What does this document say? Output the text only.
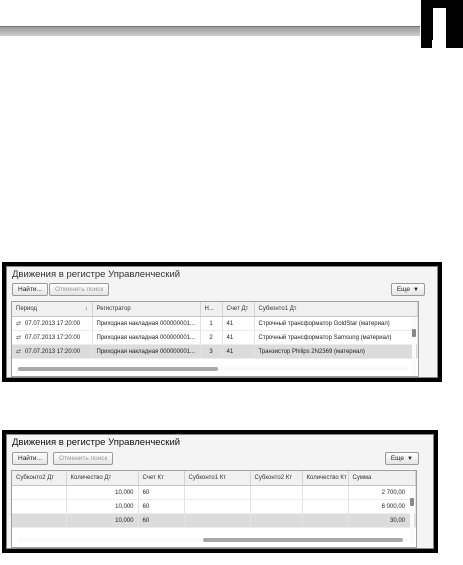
Движения в регистре Управленческий
Найти...	Отменить поиск	Еще ▼
Период ↓	Регистратор	Н...	Счет Дт	Субконто1 Дт
⇄ 07.07.2013 17:20:00	Приходная накладная 000000001...	1	41	Строчный трансформатор GoldStar (материал)
⇄ 07.07.2013 17:20:00	Приходная накладная 000000001...	2	41	Строчный трансформатор Samsung (материал)
⇄ 07.07.2013 17:20:00	Приходная накладная 000000001...	3	41	Транзистор Philips 2N2369 (материал)
Движения в регистре Управленческий
Найти...	Отменить поиск	Еще ▼
Субконто2 Дт	Количество Дт	Счет Кт	Субконто1 Кт	Субконто2 Кт	Количество Кт	Сумма
	10,000	60				2 700,00
	10,000	60				6 000,00
	10,000	60				30,00
